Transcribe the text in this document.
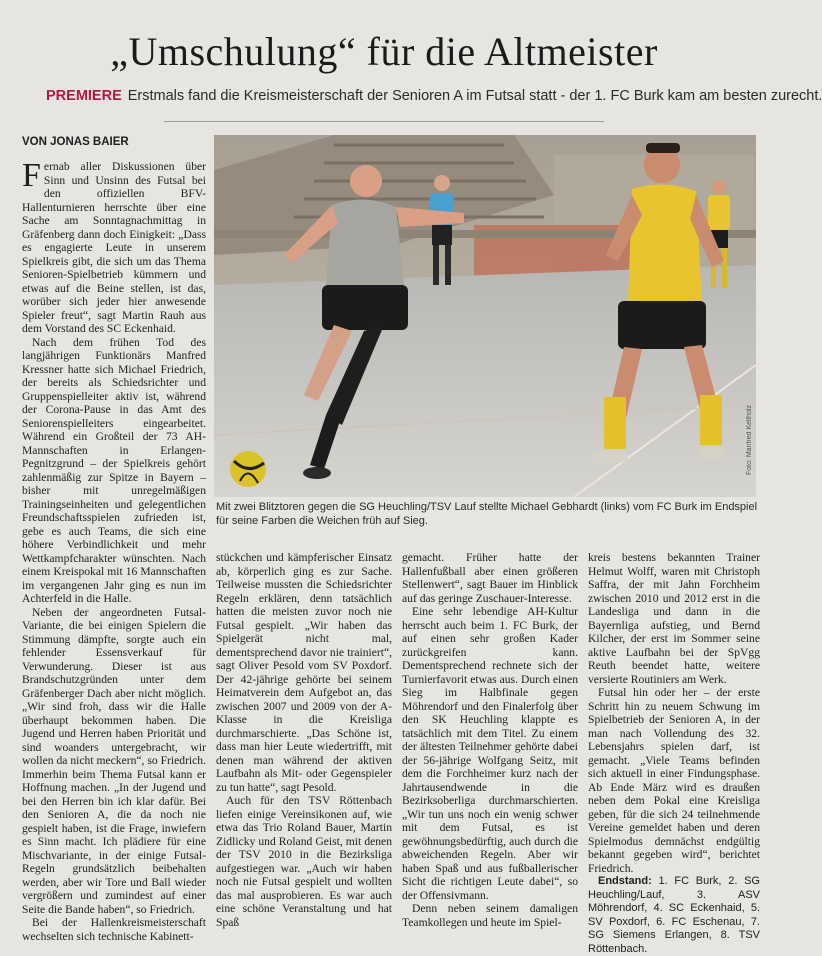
„Umschulung“ für die Altmeister
PREMIERE Erstmals fand die Kreismeisterschaft der Senioren A im Futsal statt - der 1. FC Burk kam am besten zurecht.
VON JONAS BAIER

Fernab aller Diskussionen über Sinn und Unsinn des Futsal bei den offiziellen BFV-Hallenturnieren herrschte über eine Sache am Sonntagnachmittag in Gräfenberg dann doch Einigkeit: „Dass es engagierte Leute in unserem Spielkreis gibt, die sich um das Thema Senioren-Spielbetrieb kümmern und etwas auf die Beine stellen, ist das, worüber sich jeder hier anwesende Spieler freut“, sagt Martin Rauh aus dem Vorstand des SC Eckenhaid.

Nach dem frühen Tod des langjährigen Funktionärs Manfred Kressner hatte sich Michael Friedrich, der bereits als Schiedsrichter und Gruppenspielleiter aktiv ist, während der Corona-Pause in das Amt des Seniorenspielleiters eingearbeitet. Während ein Großteil der 73 AH-Mannschaften in Erlangen-Pegnitzgrund – der Spielkreis gehört zahlenmäßig zur Spitze in Bayern – bisher mit unregelmäßigen Trainingseinheiten und gelegentlichen Freundschaftsspielen zufrieden ist, gebe es auch Teams, die sich eine höhere Verbindlichkeit und mehr Wettkampfcharakter wünschten. Nach einem Kreispokal mit 16 Mannschaften im vergangenen Jahr ging es nun im Achterfeld in die Halle.

Neben der angeordneten Futsal-Variante, die bei einigen Spielern die Stimmung dämpfte, sorgte auch ein fehlender Essensverkauf für Verwunderung. Dieser ist aus Brandschutzgründen unter dem Gräfenberger Dach aber nicht möglich. „Wir sind froh, dass wir die Halle überhaupt bekommen haben. Die Jugend und Herren haben Priorität und sind woanders untergebracht, wir wollen da nicht meckern“, so Friedrich. Immerhin beim Thema Futsal kann er Hoffnung machen. „In der Jugend und bei den Herren bin ich klar dafür. Bei den Senioren A, die da noch nie gespielt haben, ist die Frage, inwiefern es Sinn macht. Ich plädiere für eine Mischvariante, in der einige Futsal-Regeln grundsätzlich beibehalten werden, aber wir Tore und Ball wieder vergrößern und zumindest auf einer Seite die Bande haben“, so Friedrich.

Bei der Hallenkreismeisterschaft wechselten sich technische Kabinett-

Foto: Manfred Kellholz
Mit zwei Blitztoren gegen die SG Heuchling/TSV Lauf stellte Michael Gebhardt (links) vom FC Burk im Endspiel für seine Farben die Weichen früh auf Sieg.

stückchen und kämpferischer Einsatz ab, körperlich ging es zur Sache. Teilweise mussten die Schiedsrichter Regeln erklären, denn tatsächlich hatten die meisten zuvor noch nie Futsal gespielt. „Wir haben das Spielgerät nicht mal, dementsprechend davor nie trainiert“, sagt Oliver Pesold vom SV Poxdorf. Der 42-jährige gehörte bei seinem Heimatverein dem Aufgebot an, das zwischen 2007 und 2009 von der A-Klasse in die Kreisliga durchmarschierte. „Das Schöne ist, dass man hier Leute wiedertrifft, mit denen man während der aktiven Laufbahn als Mit- oder Gegenspieler zu tun hatte“, sagt Pesold.

Auch für den TSV Röttenbach liefen einige Vereinsikonen auf, wie etwa das Trio Roland Bauer, Martin Zidlicky und Roland Geist, mit denen der TSV 2010 in die Bezirksliga aufgestiegen war. „Auch wir haben noch nie Futsal gespielt und wollten das mal ausprobieren. Es war auch eine schöne Veranstaltung und hat Spaß

gemacht. Früher hatte der Hallenfußball aber einen größeren Stellenwert“, sagt Bauer im Hinblick auf das geringe Zuschauer-Interesse.

Eine sehr lebendige AH-Kultur herrscht auch beim 1. FC Burk, der auf einen sehr großen Kader zurückgreifen kann. Dementsprechend rechnete sich der Turnierfavorit etwas aus. Durch einen Sieg im Halbfinale gegen Möhrendorf und den Finalerfolg über den SK Heuchling klappte es tatsächlich mit dem Titel. Zu einem der ältesten Teilnehmer gehörte dabei der 56-jährige Wolfgang Seitz, mit dem die Forchheimer kurz nach der Jahrtausendwende in die Bezirksoberliga durchmarschierten. „Wir tun uns noch ein wenig schwer mit dem Futsal, es ist gewöhnungsbedürftig, auch durch die abweichenden Regeln. Aber wir haben Spaß und aus fußballerischer Sicht die richtigen Leute dabei“, so der Offensivmann.

Denn neben seinem damaligen Teamkollegen und heute im Spiel-

kreis bestens bekannten Trainer Helmut Wolff, waren mit Christoph Saffra, der mit Jahn Forchheim zwischen 2010 und 2012 erst in die Landesliga und dann in die Bayernliga aufstieg, und Bernd Kilcher, der erst im Sommer seine aktive Laufbahn bei der SpVgg Reuth beendet hatte, weitere versierte Routiniers am Werk.

Futsal hin oder her – der erste Schritt hin zu neuem Schwung im Spielbetrieb der Senioren A, in der man nach Vollendung des 32. Lebensjahrs spielen darf, ist gemacht. „Viele Teams befinden sich aktuell in einer Findungsphase. Ab Ende März wird es draußen neben dem Pokal eine Kreisliga geben, für die sich 24 teilnehmende Vereine gemeldet haben und deren Spielmodus demnächst endgültig bekannt gegeben wird“, berichtet Friedrich.

Endstand: 1. FC Burk, 2. SG Heuchling/Lauf, 3. ASV Möhrendorf, 4. SC Eckenhaid, 5. SV Poxdorf, 6. FC Eschenau, 7. SG Siemens Erlangen, 8. TSV Röttenbach.
